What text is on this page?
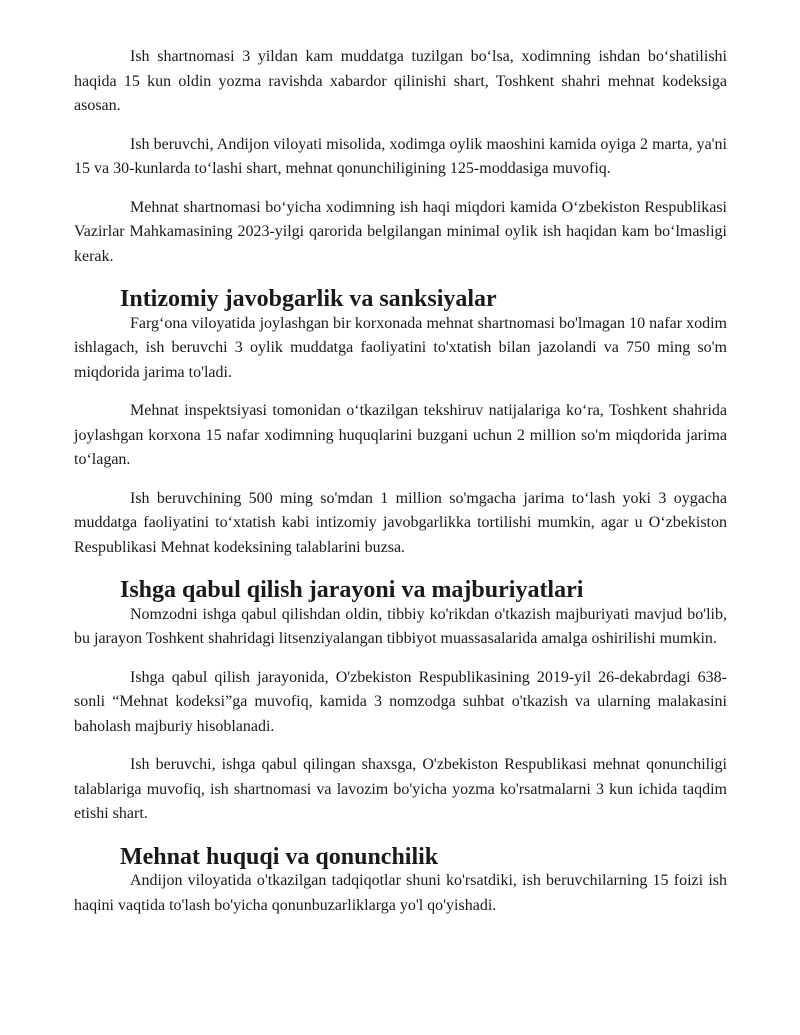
Ish shartnomasi 3 yildan kam muddatga tuzilgan bo‘lsa, xodimning ishdan bo‘shatilishi haqida 15 kun oldin yozma ravishda xabardor qilinishi shart, Toshkent shahri mehnat kodeksiga asosan.

Ish beruvchi, Andijon viloyati misolida, xodimga oylik maoshini kamida oyiga 2 marta, ya'ni 15 va 30-kunlarda to‘lashi shart, mehnat qonunchiligining 125-moddasiga muvofiq.

Mehnat shartnomasi bo‘yicha xodimning ish haqi miqdori kamida O‘zbekiston Respublikasi Vazirlar Mahkamasining 2023-yilgi qarorida belgilangan minimal oylik ish haqidan kam bo‘lmasligi kerak.

Intizomiy javobgarlik va sanksiyalar

Farg‘ona viloyatida joylashgan bir korxonada mehnat shartnomasi bo'lmagan 10 nafar xodim ishlagach, ish beruvchi 3 oylik muddatga faoliyatini to'xtatish bilan jazolandi va 750 ming so'm miqdorida jarima to'ladi.

Mehnat inspektsiyasi tomonidan o‘tkazilgan tekshiruv natijalariga ko‘ra, Toshkent shahrida joylashgan korxona 15 nafar xodimning huquqlarini buzgani uchun 2 million so'm miqdorida jarima to‘lagan.

Ish beruvchining 500 ming so'mdan 1 million so'mgacha jarima to‘lash yoki 3 oygacha muddatga faoliyatini to‘xtatish kabi intizomiy javobgarlikka tortilishi mumkin, agar u O‘zbekiston Respublikasi Mehnat kodeksining talablarini buzsa.

Ishga qabul qilish jarayoni va majburiyatlari

Nomzodni ishga qabul qilishdan oldin, tibbiy ko'rikdan o'tkazish majburiyati mavjud bo'lib, bu jarayon Toshkent shahridagi litsenziyalangan tibbiyot muassasalarida amalga oshirilishi mumkin.

Ishga qabul qilish jarayonida, O'zbekiston Respublikasining 2019-yil 26-dekabrdagi 638-sonli “Mehnat kodeksi”ga muvofiq, kamida 3 nomzodga suhbat o'tkazish va ularning malakasini baholash majburiy hisoblanadi.

Ish beruvchi, ishga qabul qilingan shaxsga, O'zbekiston Respublikasi mehnat qonunchiligi talablariga muvofiq, ish shartnomasi va lavozim bo'yicha yozma ko'rsatmalarni 3 kun ichida taqdim etishi shart.

Mehnat huquqi va qonunchilik

Andijon viloyatida o'tkazilgan tadqiqotlar shuni ko'rsatdiki, ish beruvchilarning 15 foizi ish haqini vaqtida to'lash bo'yicha qonunbuzarliklarga yo'l qo'yishadi.
